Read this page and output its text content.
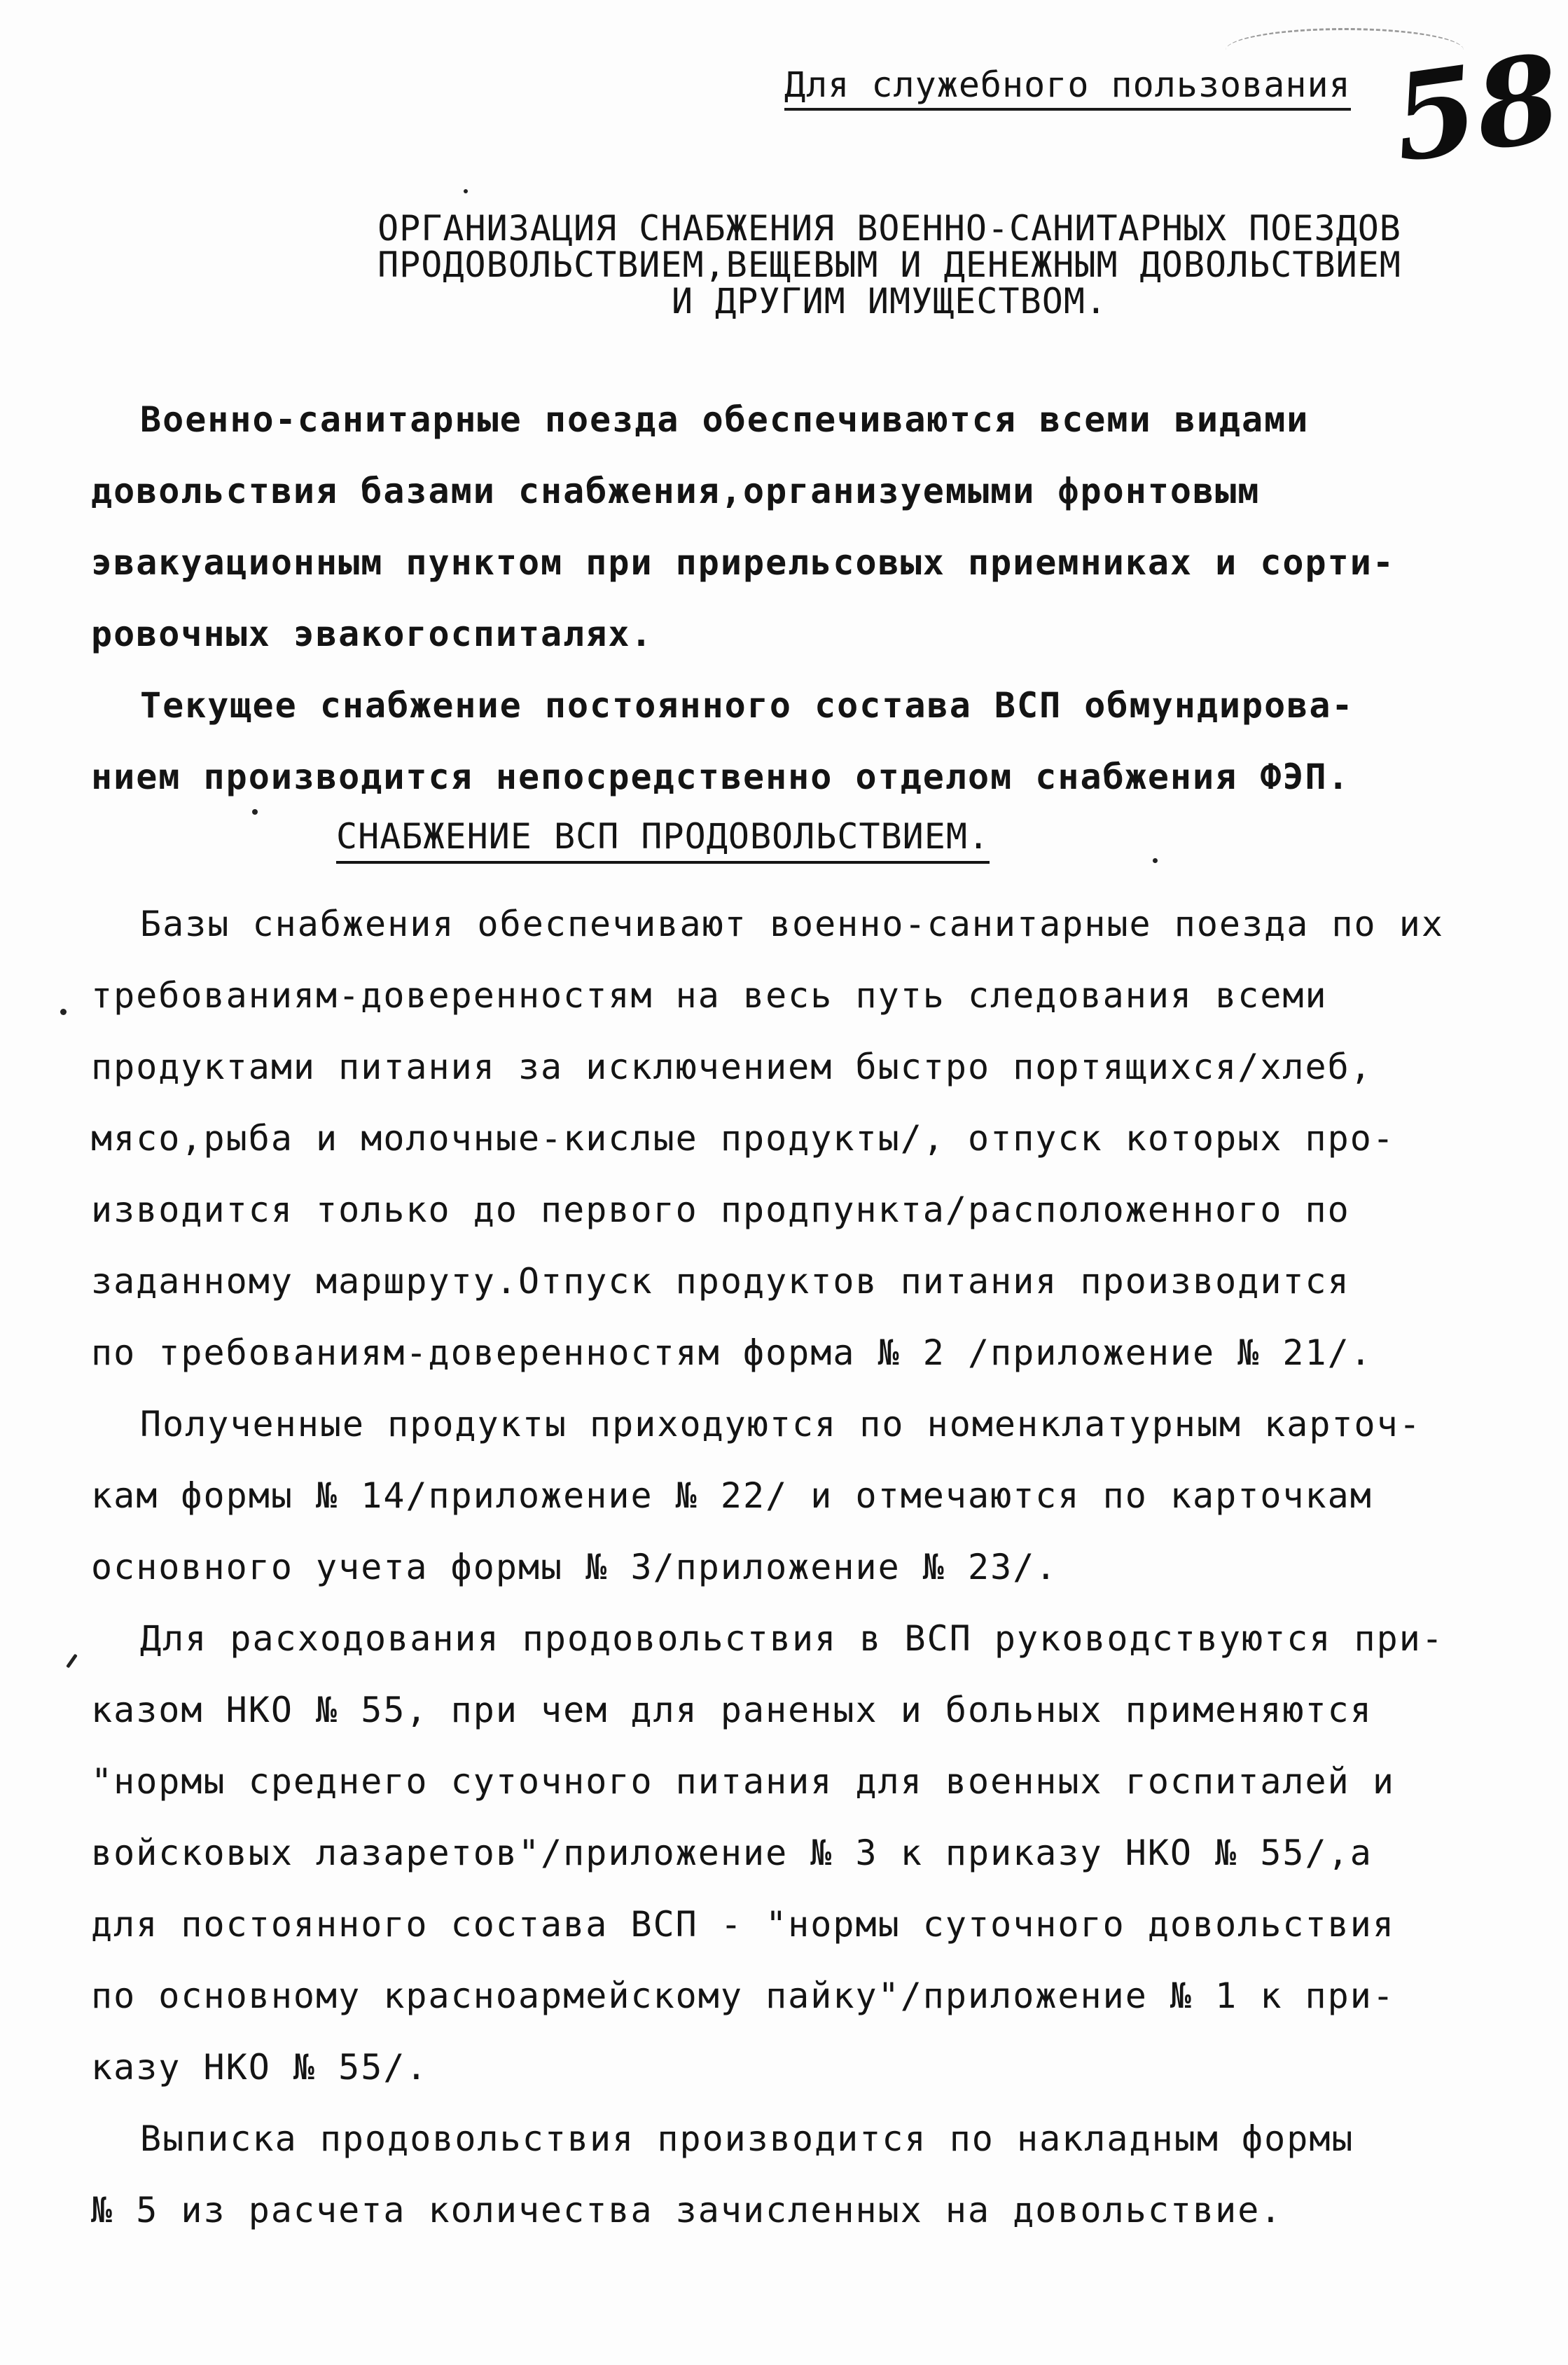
Для служебного пользования 58
ОРГАНИЗАЦИЯ СНАБЖЕНИЯ ВОЕННО-САНИТАРНЫХ ПОЕЗДОВ
ПРОДОВОЛЬСТВИЕМ,ВЕЩЕВЫМ И ДЕНЕЖНЫМ ДОВОЛЬСТВИЕМ
И ДРУГИМ ИМУЩЕСТВОМ.
Военно-санитарные поезда обеспечиваются всеми видами
довольствия базами снабжения,организуемыми фронтовым
эвакуационным пунктом при прирельсовых приемниках и сорти-
ровочных эвакогоспиталях.
Текущее снабжение постоянного состава ВСП обмундирова-
нием производится непосредственно отделом снабжения ФЭП.
СНАБЖЕНИЕ ВСП ПРОДОВОЛЬСТВИЕМ.
Базы снабжения обеспечивают военно-санитарные поезда по их
требованиям-доверенностям на весь путь следования всеми
продуктами питания за исключением быстро портящихся/хлеб,
мясо,рыба и молочные-кислые продукты/, отпуск которых про-
изводится только до первого продпункта/расположенного по
заданному маршруту.Отпуск продуктов питания производится
по требованиям-доверенностям форма № 2 /приложение № 21/.
Полученные продукты приходуются по номенклатурным карточ-
кам формы № 14/приложение № 22/ и отмечаются по карточкам
основного учета формы № 3/приложение № 23/.
Для расходования продовольствия в ВСП руководствуются при-
казом НКО № 55, при чем для раненых и больных применяются
"нормы среднего суточного питания для военных госпиталей и
войсковых лазаретов"/приложение № 3 к приказу НКО № 55/,а
для постоянного состава ВСП - "нормы суточного довольствия
по основному красноармейскому пайку"/приложение № 1 к при-
казу НКО № 55/.
Выписка продовольствия производится по накладным формы
№ 5 из расчета количества зачисленных на довольствие.
